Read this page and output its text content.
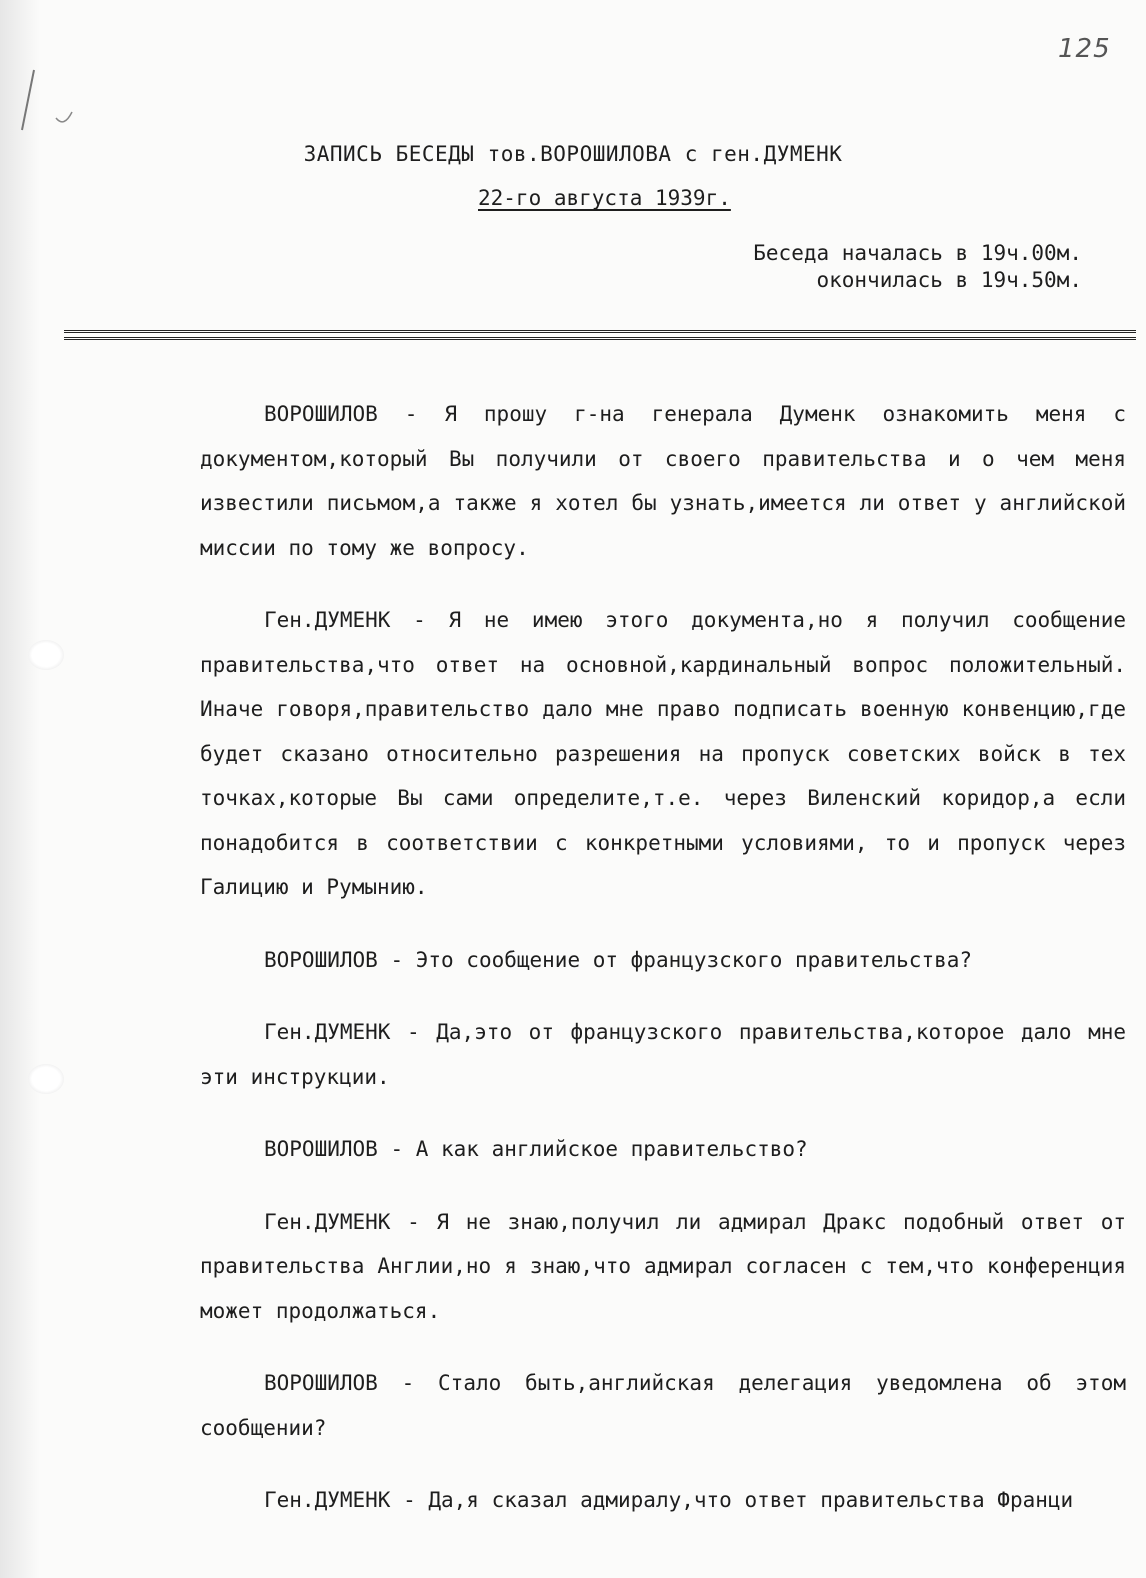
125
ЗАПИСЬ БЕСЕДЫ тов.ВОРОШИЛОВА с ген.ДУМЕНК
22-го августа 1939г.
Беседа началась в 19ч.00м.
окончилась в 19ч.50м.

ВОРОШИЛОВ - Я прошу г-на генерала Думенк ознакомить меня с документом,который Вы получили от своего правительства и о чем меня известили письмом,а также я хотел бы узнать,имеется ли ответ у английской миссии по тому же вопросу.

Ген.ДУМЕНК - Я не имею этого документа,но я получил сообщение правительства,что ответ на основной,кардинальный вопрос положительный. Иначе говоря,правительство дало мне право подписать военную конвенцию,где будет сказано относительно разрешения на пропуск советских войск в тех точках,которые Вы сами определите,т.е. через Виленский коридор,а если понадобится в соответствии с конкретными условиями, то и пропуск через Галицию и Румынию.

ВОРОШИЛОВ - Это сообщение от французского правительства?

Ген.ДУМЕНК - Да,это от французского правительства,которое дало мне эти инструкции.

ВОРОШИЛОВ - А как английское правительство?

Ген.ДУМЕНК - Я не знаю,получил ли адмирал Дракс подобный ответ от правительства Англии,но я знаю,что адмирал согласен с тем,что конференция может продолжаться.

ВОРОШИЛОВ - Стало быть,английская делегация уведомлена об этом сообщении?

Ген.ДУМЕНК - Да,я сказал адмиралу,что ответ правительства Франци
